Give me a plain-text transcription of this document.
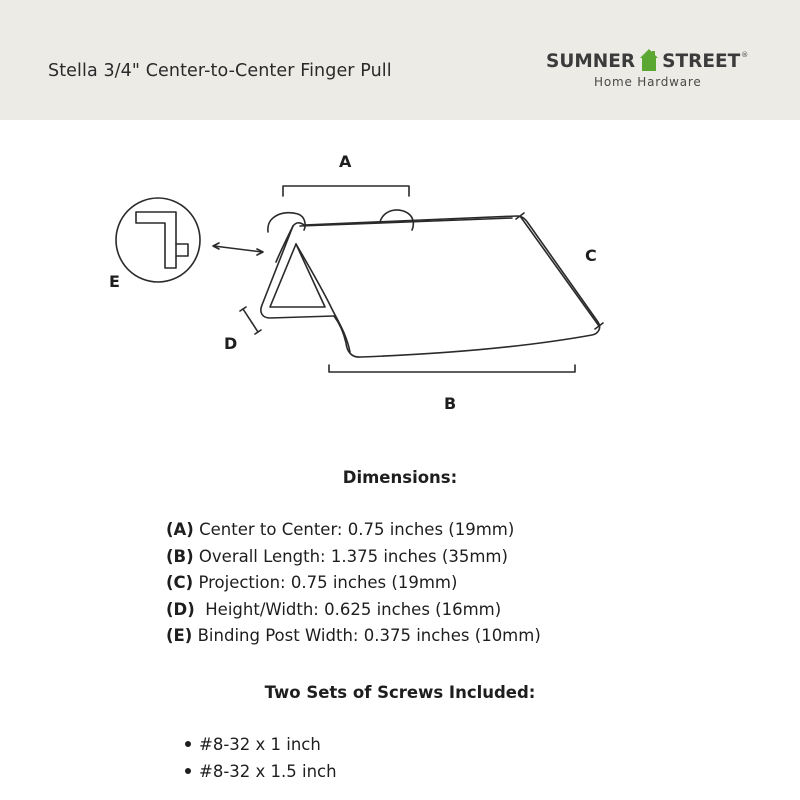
Stella 3/4" Center-to-Center Finger Pull	SUMNER STREET®
Home Hardware
A
B
C
D
E
Dimensions:
(A) Center to Center: 0.75 inches (19mm)
(B) Overall Length: 1.375 inches (35mm)
(C) Projection: 0.75 inches (19mm)
(D)  Height/Width: 0.625 inches (16mm)
(E) Binding Post Width: 0.375 inches (10mm)
Two Sets of Screws Included:
#8-32 x 1 inch
#8-32 x 1.5 inch
